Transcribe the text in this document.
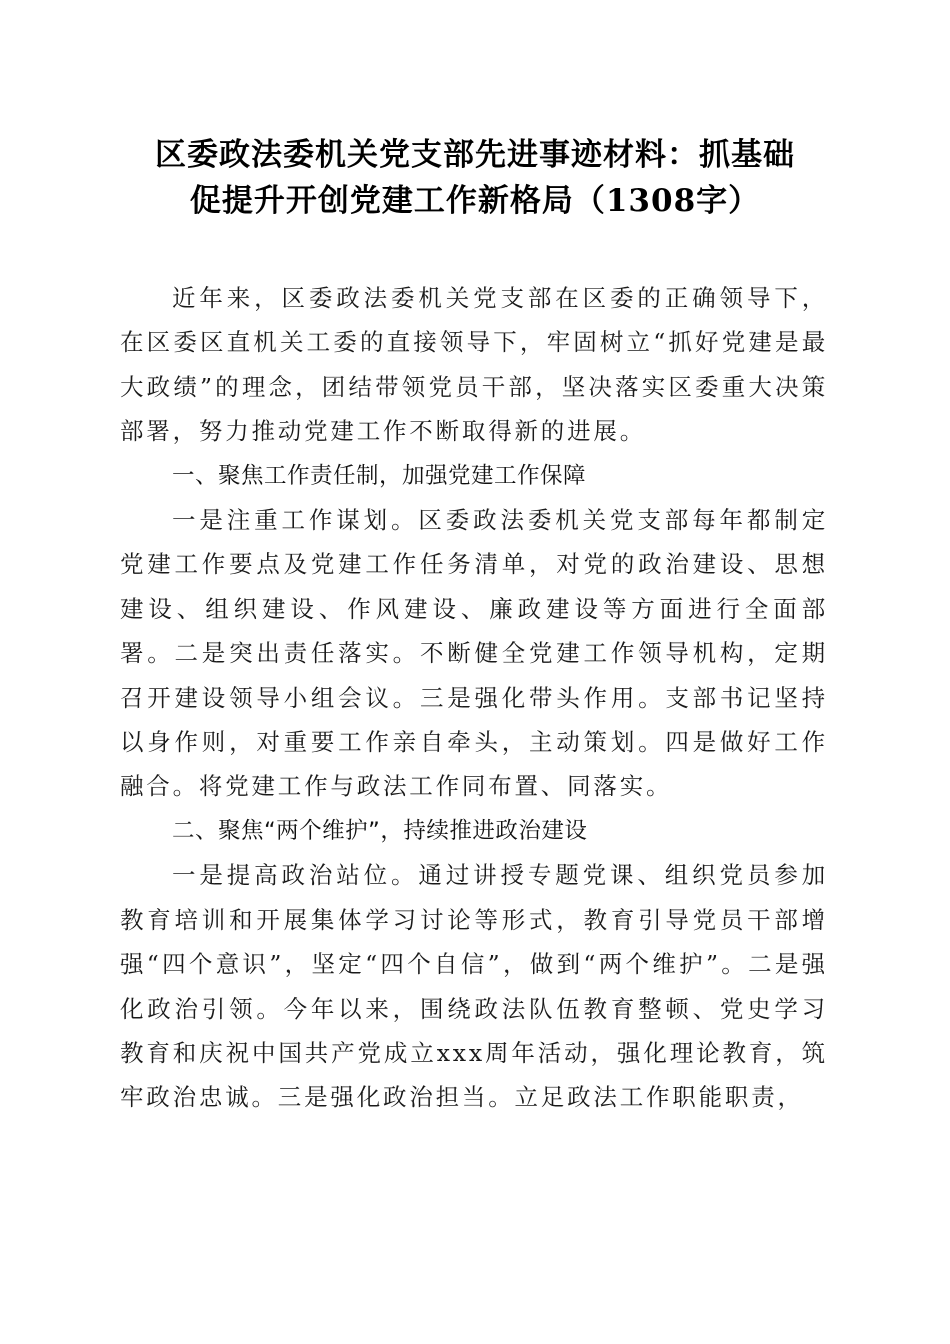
区委政法委机关党支部先进事迹材料：抓基础
促提升开创党建工作新格局（1308字）

近年来，区委政法委机关党支部在区委的正确领导下，在区委区直机关工委的直接领导下，牢固树立“抓好党建是最大政绩”的理念，团结带领党员干部，坚决落实区委重大决策部署，努力推动党建工作不断取得新的进展。

一、聚焦工作责任制，加强党建工作保障

一是注重工作谋划。区委政法委机关党支部每年都制定党建工作要点及党建工作任务清单，对党的政治建设、思想建设、组织建设、作风建设、廉政建设等方面进行全面部署。二是突出责任落实。不断健全党建工作领导机构，定期召开建设领导小组会议。三是强化带头作用。支部书记坚持以身作则，对重要工作亲自牵头，主动策划。四是做好工作融合。将党建工作与政法工作同布置、同落实。

二、聚焦“两个维护”，持续推进政治建设

一是提高政治站位。通过讲授专题党课、组织党员参加教育培训和开展集体学习讨论等形式，教育引导党员干部增强“四个意识”，坚定“四个自信”，做到“两个维护”。二是强化政治引领。今年以来，围绕政法队伍教育整顿、党史学习教育和庆祝中国共产党成立xxx周年活动，强化理论教育，筑牢政治忠诚。三是强化政治担当。立足政法工作职能职责，
